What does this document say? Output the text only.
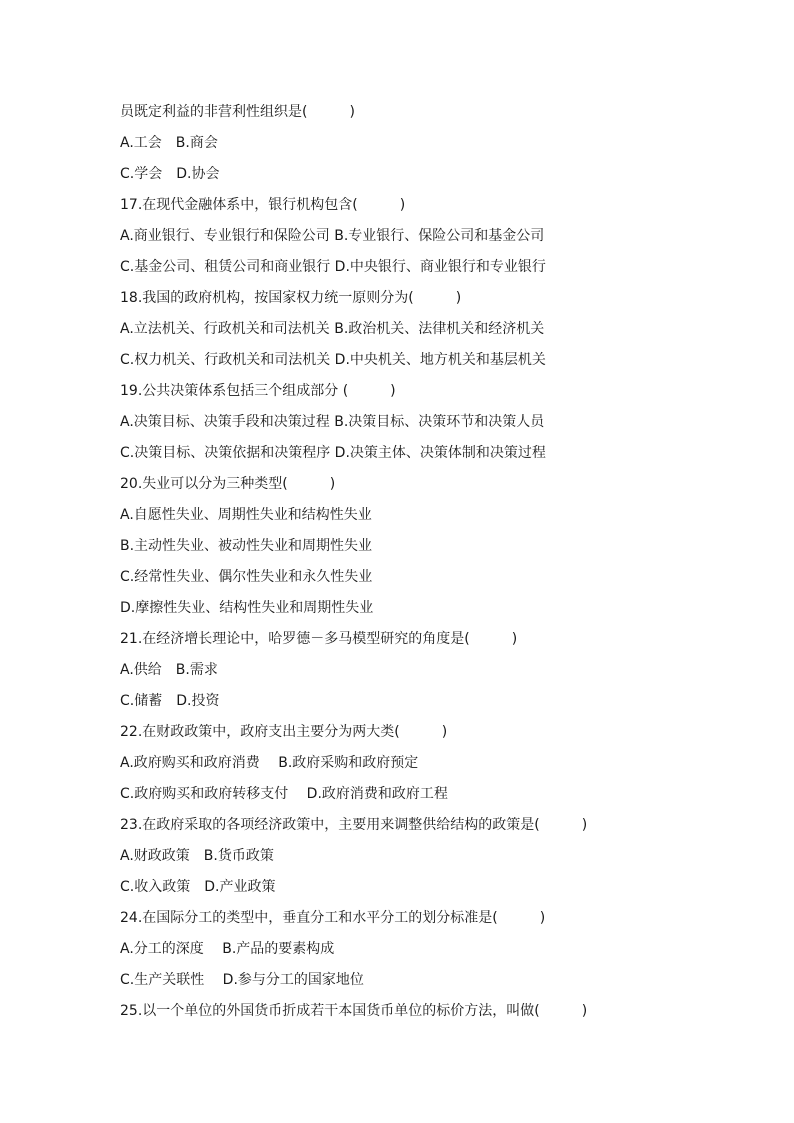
员既定利益的非营利性组织是(　　　)
A.工会　B.商会
C.学会　D.协会
17.在现代金融体系中，银行机构包含(　　　)
A.商业银行、专业银行和保险公司 B.专业银行、保险公司和基金公司
C.基金公司、租赁公司和商业银行 D.中央银行、商业银行和专业银行
18.我国的政府机构，按国家权力统一原则分为(　　　)
A.立法机关、行政机关和司法机关 B.政治机关、法律机关和经济机关
C.权力机关、行政机关和司法机关 D.中央机关、地方机关和基层机关
19.公共决策体系包括三个组成部分 (　　　)
A.决策目标、决策手段和决策过程 B.决策目标、决策环节和决策人员
C.决策目标、决策依据和决策程序 D.决策主体、决策体制和决策过程
20.失业可以分为三种类型(　　　)
A.自愿性失业、周期性失业和结构性失业
B.主动性失业、被动性失业和周期性失业
C.经常性失业、偶尔性失业和永久性失业
D.摩擦性失业、结构性失业和周期性失业
21.在经济增长理论中，哈罗德－多马模型研究的角度是(　　　)
A.供给　B.需求
C.储蓄　D.投资
22.在财政政策中，政府支出主要分为两大类(　　　)
A.政府购买和政府消费　 B.政府采购和政府预定
C.政府购买和政府转移支付　 D.政府消费和政府工程
23.在政府采取的各项经济政策中，主要用来调整供给结构的政策是(　　　)
A.财政政策　B.货币政策
C.收入政策　D.产业政策
24.在国际分工的类型中，垂直分工和水平分工的划分标准是(　　　)
A.分工的深度　 B.产品的要素构成
C.生产关联性　 D.参与分工的国家地位
25.以一个单位的外国货币折成若干本国货币单位的标价方法，叫做(　　　)
